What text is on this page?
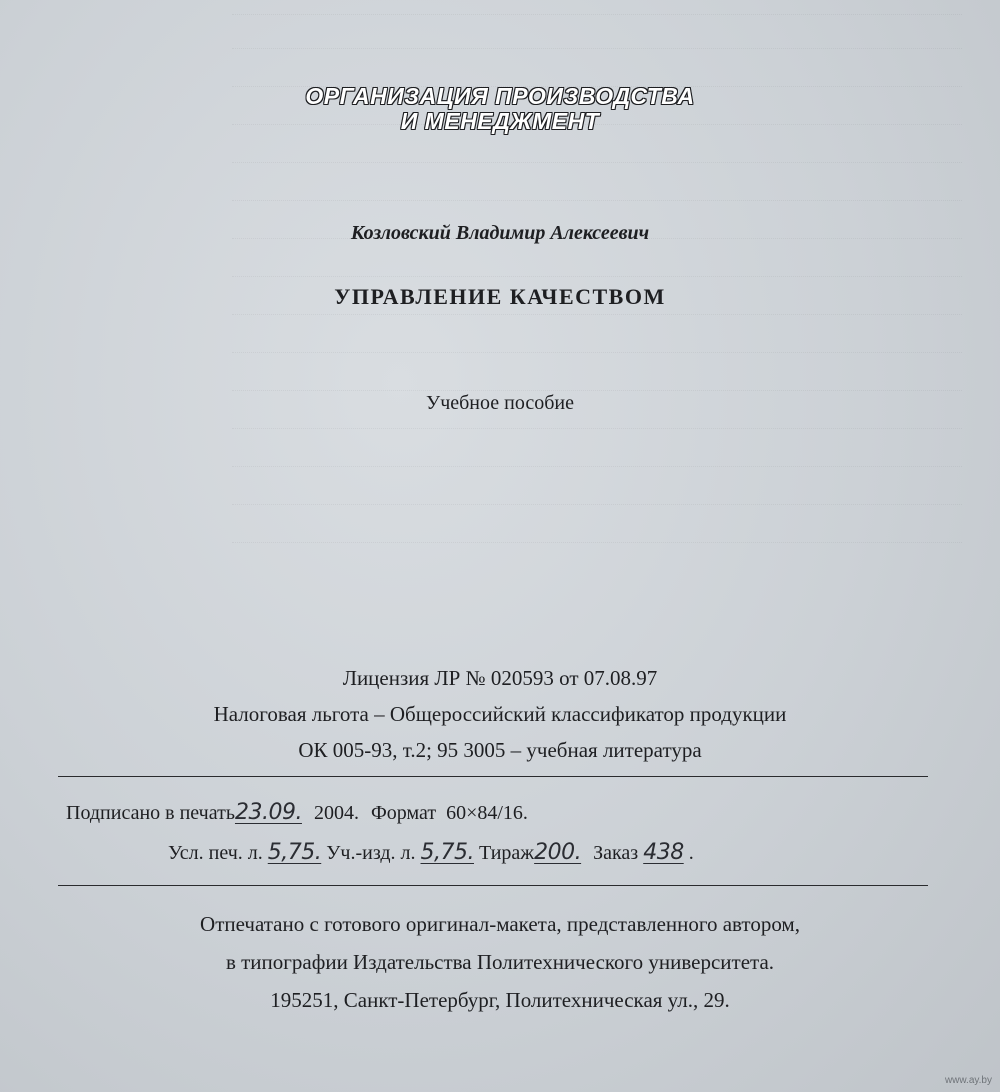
ОРГАНИЗАЦИЯ ПРОИЗВОДСТВА
И МЕНЕДЖМЕНТ
Козловский Владимир Алексеевич
УПРАВЛЕНИЕ КАЧЕСТВОМ
Учебное пособие
Лицензия ЛР № 020593 от 07.08.97
Налоговая льгота – Общероссийский классификатор продукции
ОК 005-93, т.2; 95 3005 – учебная литература
Подписано в печать23.09. 2004. Формат 60×84/16.
Усл. печ. л. 5,75. Уч.-изд. л. 5,75. Тираж200. Заказ 438 .
Отпечатано с готового оригинал-макета, представленного автором,
в типографии Издательства Политехнического университета.
195251, Санкт-Петербург, Политехническая ул., 29.
www.ay.by
